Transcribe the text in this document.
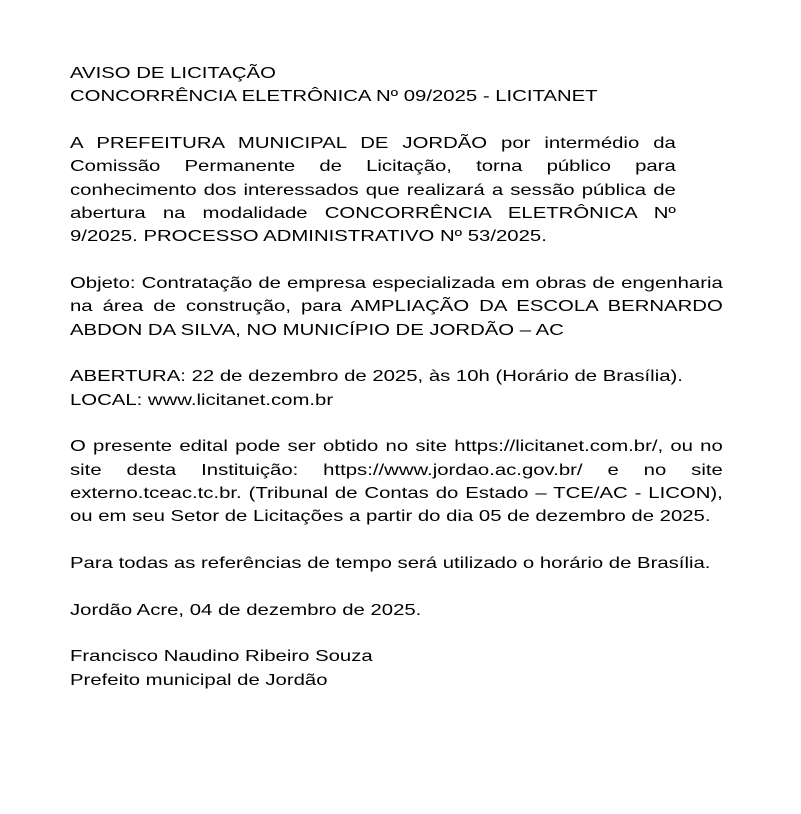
AVISO DE LICITAÇÃO
CONCORRÊNCIA ELETRÔNICA Nº 09/2025 - LICITANET
A PREFEITURA MUNICIPAL DE JORDÃO por intermédio da
Comissão Permanente de Licitação, torna público para
conhecimento dos interessados que realizará a sessão pública de
abertura na modalidade CONCORRÊNCIA ELETRÔNICA Nº
9/2025. PROCESSO ADMINISTRATIVO Nº 53/2025.
Objeto: Contratação de empresa especializada em obras de engenharia
na área de construção, para AMPLIAÇÃO DA ESCOLA BERNARDO
ABDON DA SILVA, NO MUNICÍPIO DE JORDÃO – AC
ABERTURA: 22 de dezembro de 2025, às 10h (Horário de Brasília).
LOCAL: www.licitanet.com.br
O presente edital pode ser obtido no site https://licitanet.com.br/, ou no
site desta Instituição: https://www.jordao.ac.gov.br/ e no site
externo.tceac.tc.br. (Tribunal de Contas do Estado – TCE/AC - LICON),
ou em seu Setor de Licitações a partir do dia 05 de dezembro de 2025.
Para todas as referências de tempo será utilizado o horário de Brasília.
Jordão Acre, 04 de dezembro de 2025.
Francisco Naudino Ribeiro Souza
Prefeito municipal de Jordão
